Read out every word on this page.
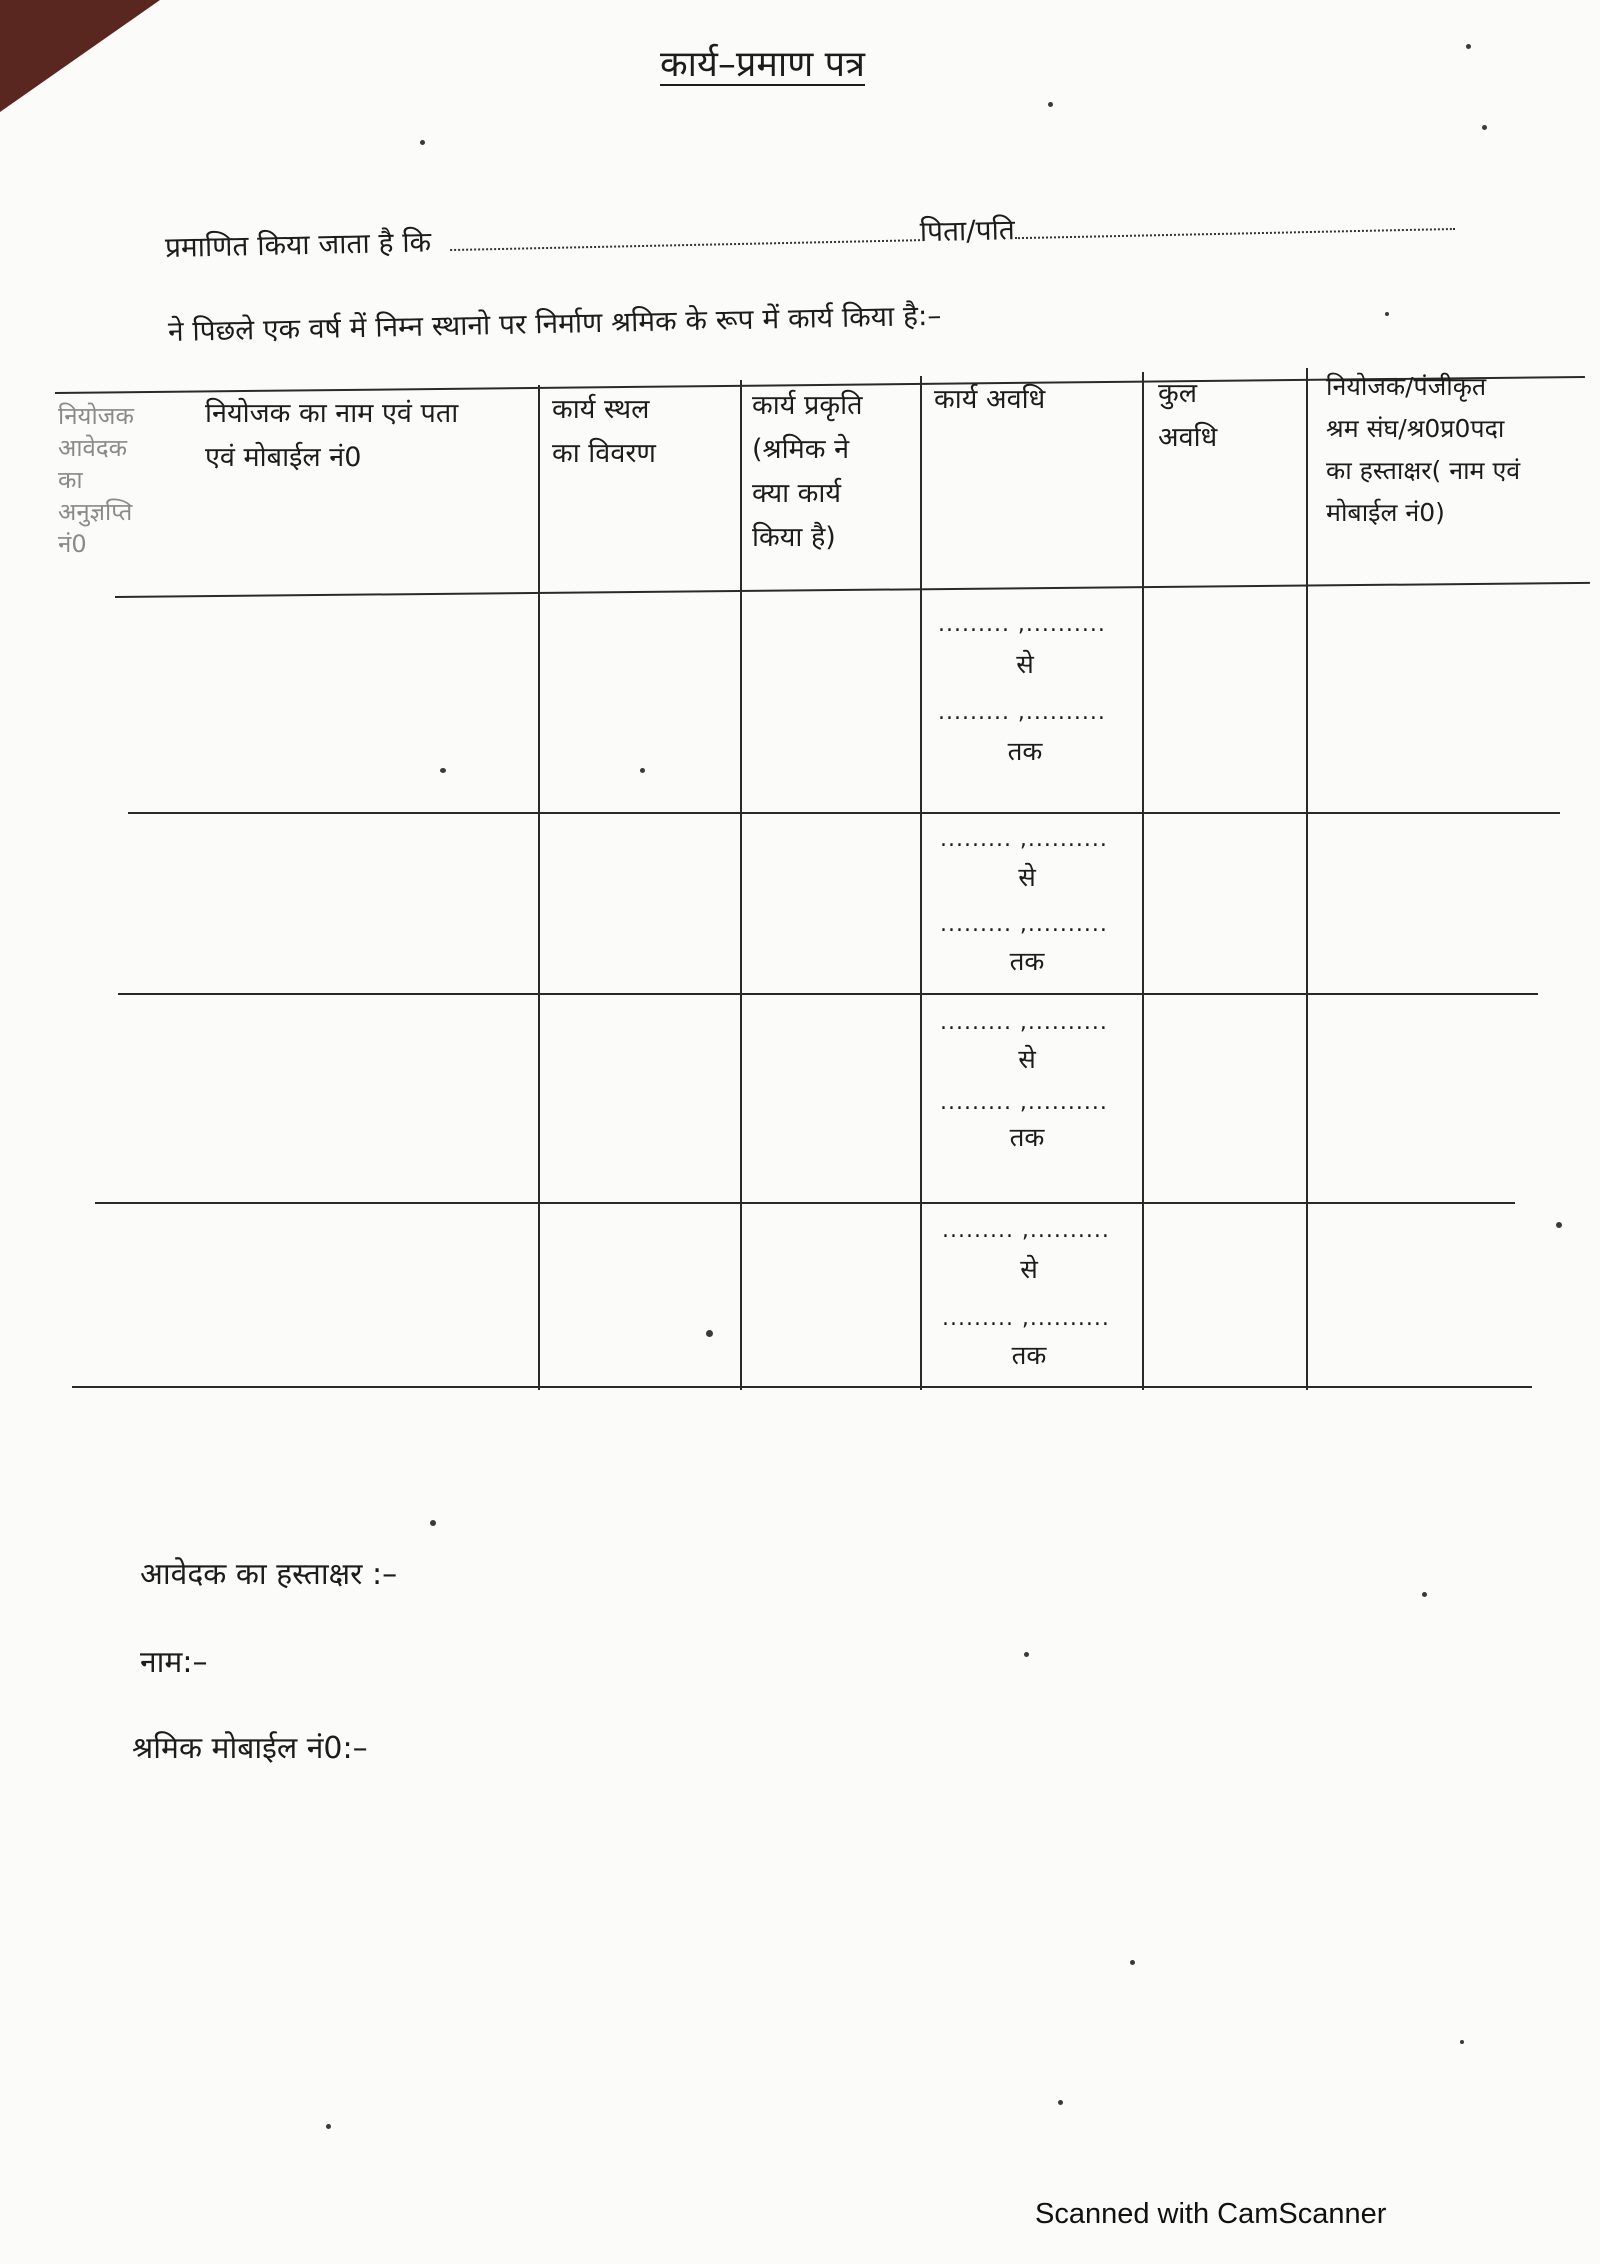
कार्य–प्रमाण पत्र
प्रमाणित किया जाता है कि	पिता/पति
ने पिछले एक वर्ष में निम्न स्थानो पर निर्माण श्रमिक के रूप में कार्य किया है:–
नियोजक
आवेदक
का
अनुज्ञप्ति
नं0
नियोजक का नाम एवं पता
एवं मोबाईल नं0
कार्य स्थल
का विवरण
कार्य प्रकृति
(श्रमिक ने
क्या कार्य
किया है)
कार्य अवधि	कुल
अवधि
नियोजक/पंजीकृत
श्रम संघ/श्र0प्र0पदा
का हस्ताक्षर( नाम एवं
मोबाईल नं0)
......... ,..........
से
......... ,..........
तक
......... ,..........
से
......... ,..........
तक
......... ,..........
से
......... ,..........
तक
......... ,..........
से
......... ,..........
तक
आवेदक का हस्ताक्षर :–
नाम:–
श्रमिक मोबाईल नं0:–
Scanned with CamScanner
